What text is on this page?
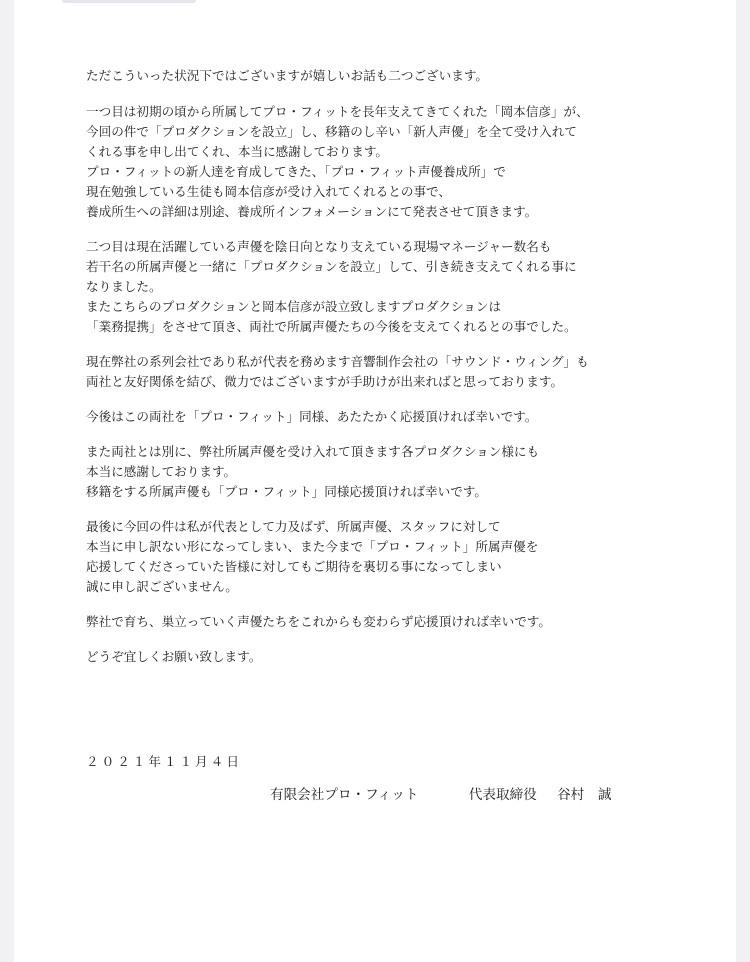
ただこういった状況下ではございますが嬉しいお話も二つございます。
一つ目は初期の頃から所属してプロ・フィットを長年支えてきてくれた「岡本信彦」が、
今回の件で「プロダクションを設立」し、移籍のし辛い「新人声優」を全て受け入れて
くれる事を申し出てくれ、本当に感謝しております。
プロ・フィットの新人達を育成してきた、「プロ・フィット声優養成所」で
現在勉強している生徒も岡本信彦が受け入れてくれるとの事で、
養成所生への詳細は別途、養成所インフォメーションにて発表させて頂きます。
二つ目は現在活躍している声優を陰日向となり支えている現場マネージャー数名も
若干名の所属声優と一緒に「プロダクションを設立」して、引き続き支えてくれる事に
なりました。
またこちらのプロダクションと岡本信彦が設立致しますプロダクションは
「業務提携」をさせて頂き、両社で所属声優たちの今後を支えてくれるとの事でした。
現在弊社の系列会社であり私が代表を務めます音響制作会社の「サウンド・ウィング」も
両社と友好関係を結び、微力ではございますが手助けが出来ればと思っております。
今後はこの両社を「プロ・フィット」同様、あたたかく応援頂ければ幸いです。
また両社とは別に、弊社所属声優を受け入れて頂きます各プロダクション様にも
本当に感謝しております。
移籍をする所属声優も「プロ・フィット」同様応援頂ければ幸いです。
最後に今回の件は私が代表として力及ばず、所属声優、スタッフに対して
本当に申し訳ない形になってしまい、また今まで「プロ・フィット」所属声優を
応援してくださっていた皆様に対してもご期待を裏切る事になってしまい
誠に申し訳ございません。
弊社で育ち、巣立っていく声優たちをこれからも変わらず応援頂ければ幸いです。
どうぞ宜しくお願い致します。
２０２１年１１月４日
有限会社プロ・フィット	代表取締役 谷村　誠
